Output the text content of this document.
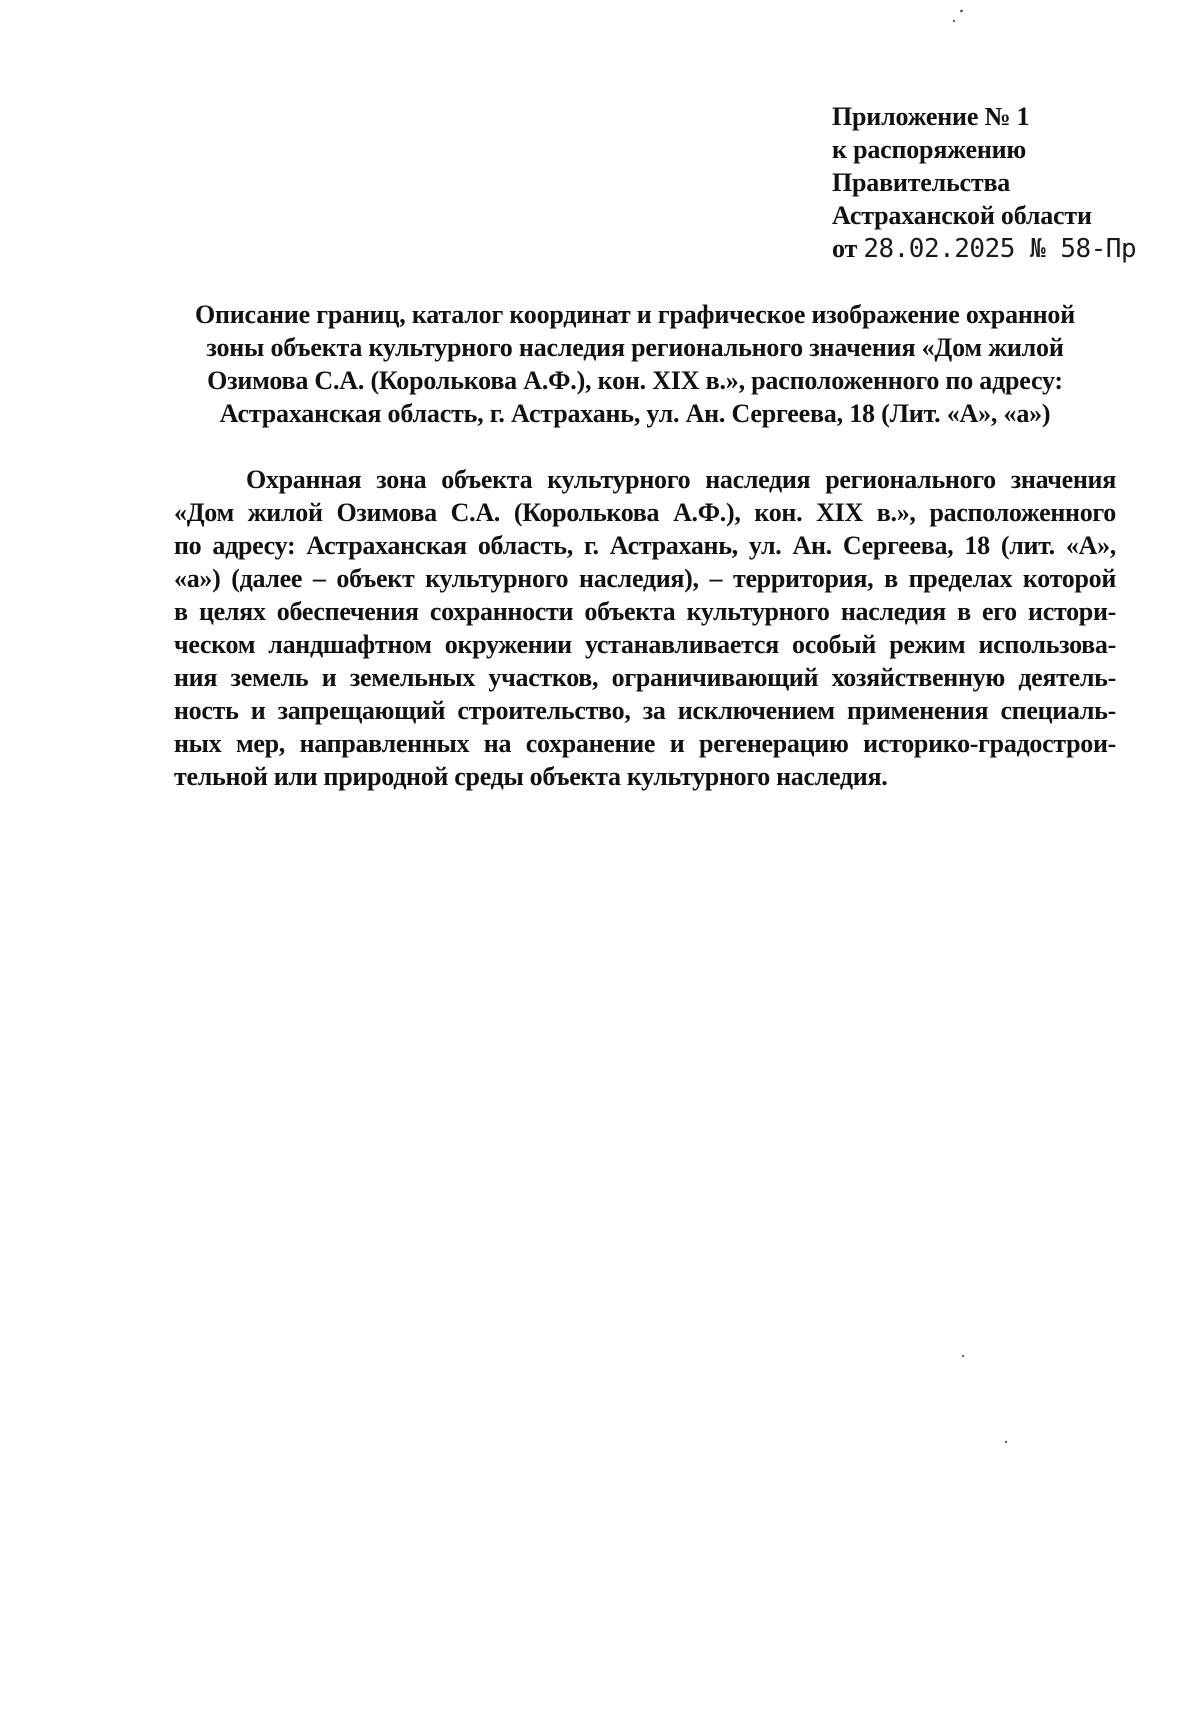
Приложение № 1
к распоряжению
Правительства
Астраханской области
от 28.02.2025 № 58-Пр
Описание границ, каталог координат и графическое изображение охранной
зоны объекта культурного наследия регионального значения «Дом жилой
Озимова С.А. (Королькова А.Ф.), кон. XIX в.», расположенного по адресу:
Астраханская область, г. Астрахань, ул. Ан. Сергеева, 18 (Лит. «А», «а»)
Охранная зона объекта культурного наследия регионального значения
«Дом жилой Озимова С.А. (Королькова А.Ф.), кон. XIX в.», расположенного
по адресу: Астраханская область, г. Астрахань, ул. Ан. Сергеева, 18 (лит. «А»,
«а») (далее – объект культурного наследия), – территория, в пределах которой
в целях обеспечения сохранности объекта культурного наследия в его истори-
ческом ландшафтном окружении устанавливается особый режим использова-
ния земель и земельных участков, ограничивающий хозяйственную деятель-
ность и запрещающий строительство, за исключением применения специаль-
ных мер, направленных на сохранение и регенерацию историко-градострои-
тельной или природной среды объекта культурного наследия.
